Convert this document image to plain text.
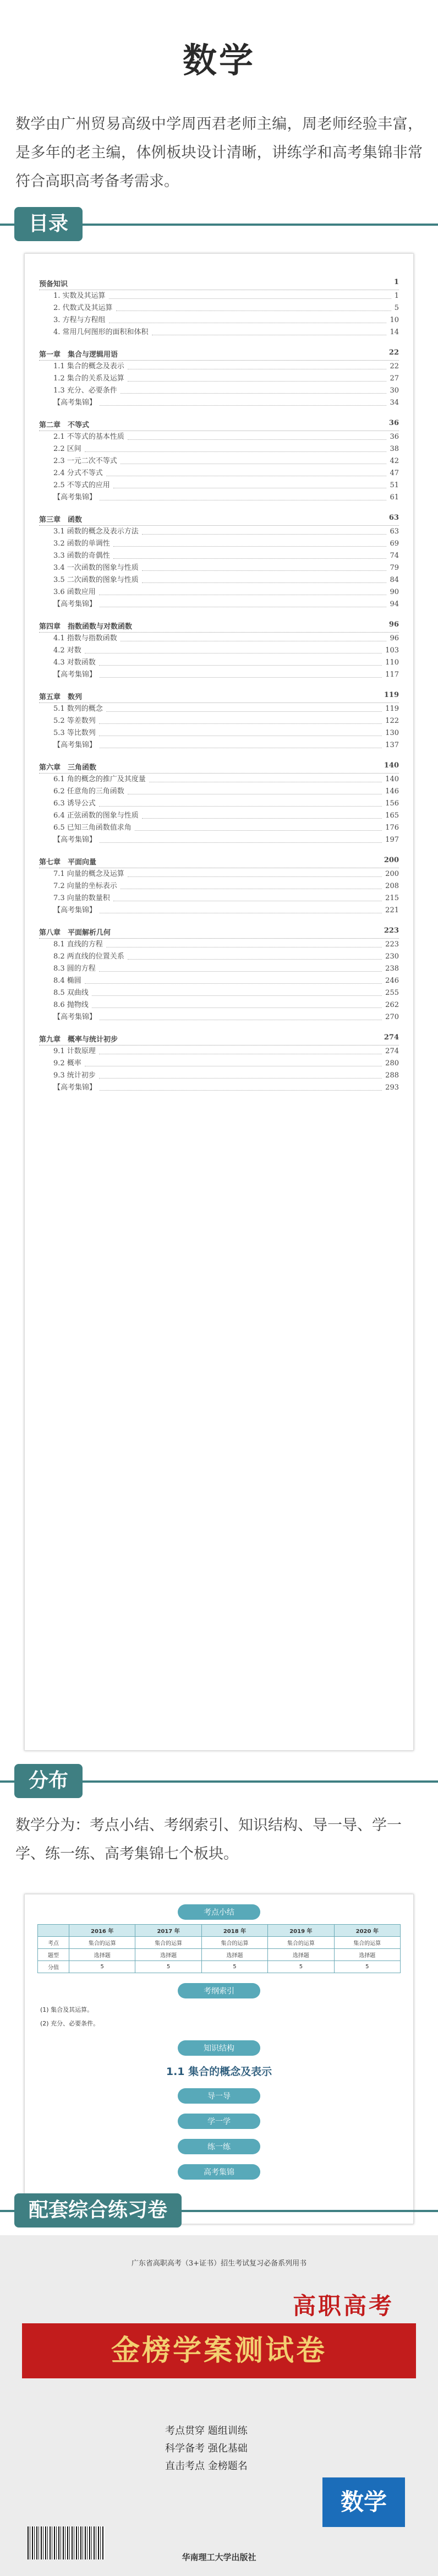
数学
数学由广州贸易高级中学周西君老师主编，周老师经验丰富，是多年的老主编，体例板块设计清晰，讲练学和高考集锦非常符合高职高考备考需求。
目录
预备知识	1
1. 实数及其运算	1
2. 代数式及其运算	5
3. 方程与方程组	10
4. 常用几何图形的面积和体积	14
第一章　集合与逻辑用语	22
1.1 集合的概念及表示	22
1.2 集合的关系及运算	27
1.3 充分、必要条件	30
【高考集锦】	34
第二章　不等式	36
2.1 不等式的基本性质	36
2.2 区间	38
2.3 一元二次不等式	42
2.4 分式不等式	47
2.5 不等式的应用	51
【高考集锦】	61
第三章　函数	63
3.1 函数的概念及表示方法	63
3.2 函数的单调性	69
3.3 函数的奇偶性	74
3.4 一次函数的图象与性质	79
3.5 二次函数的图象与性质	84
3.6 函数应用	90
【高考集锦】	94
第四章　指数函数与对数函数	96
4.1 指数与指数函数	96
4.2 对数	103
4.3 对数函数	110
【高考集锦】	117
第五章　数列	119
5.1 数列的概念	119
5.2 等差数列	122
5.3 等比数列	130
【高考集锦】	137
第六章　三角函数	140
6.1 角的概念的推广及其度量	140
6.2 任意角的三角函数	146
6.3 诱导公式	156
6.4 正弦函数的图象与性质	165
6.5 已知三角函数值求角	176
【高考集锦】	197
第七章　平面向量	200
7.1 向量的概念及运算	200
7.2 向量的坐标表示	208
7.3 向量的数量积	215
【高考集锦】	221
第八章　平面解析几何	223
8.1 直线的方程	223
8.2 两直线的位置关系	230
8.3 圆的方程	238
8.4 椭圆	246
8.5 双曲线	255
8.6 抛物线	262
【高考集锦】	270
第九章　概率与统计初步	274
9.1 计数原理	274
9.2 概率	280
9.3 统计初步	288
【高考集锦】	293
分布
数学分为：考点小结、考纲索引、知识结构、导一导、学一学、练一练、高考集锦七个板块。
考点小结
	2016 年	2017 年	2018 年	2019 年	2020 年
考点	集合的运算	集合的运算	集合的运算	集合的运算	集合的运算
题型	选择题	选择题	选择题	选择题	选择题
分值	5	5	5	5	5
考纲索引
(1) 集合及其运算。
(2) 充分、必要条件。
知识结构
1.1 集合的概念及表示
导一导
学一学
练一练
高考集锦
配套综合练习卷
广东省高职高考（3+证书）招生考试复习必备系列用书
高职高考
金榜学案测试卷
考点贯穿 题组训练
科学备考 强化基础
直击考点 金榜题名
数学
华南理工大学出版社
